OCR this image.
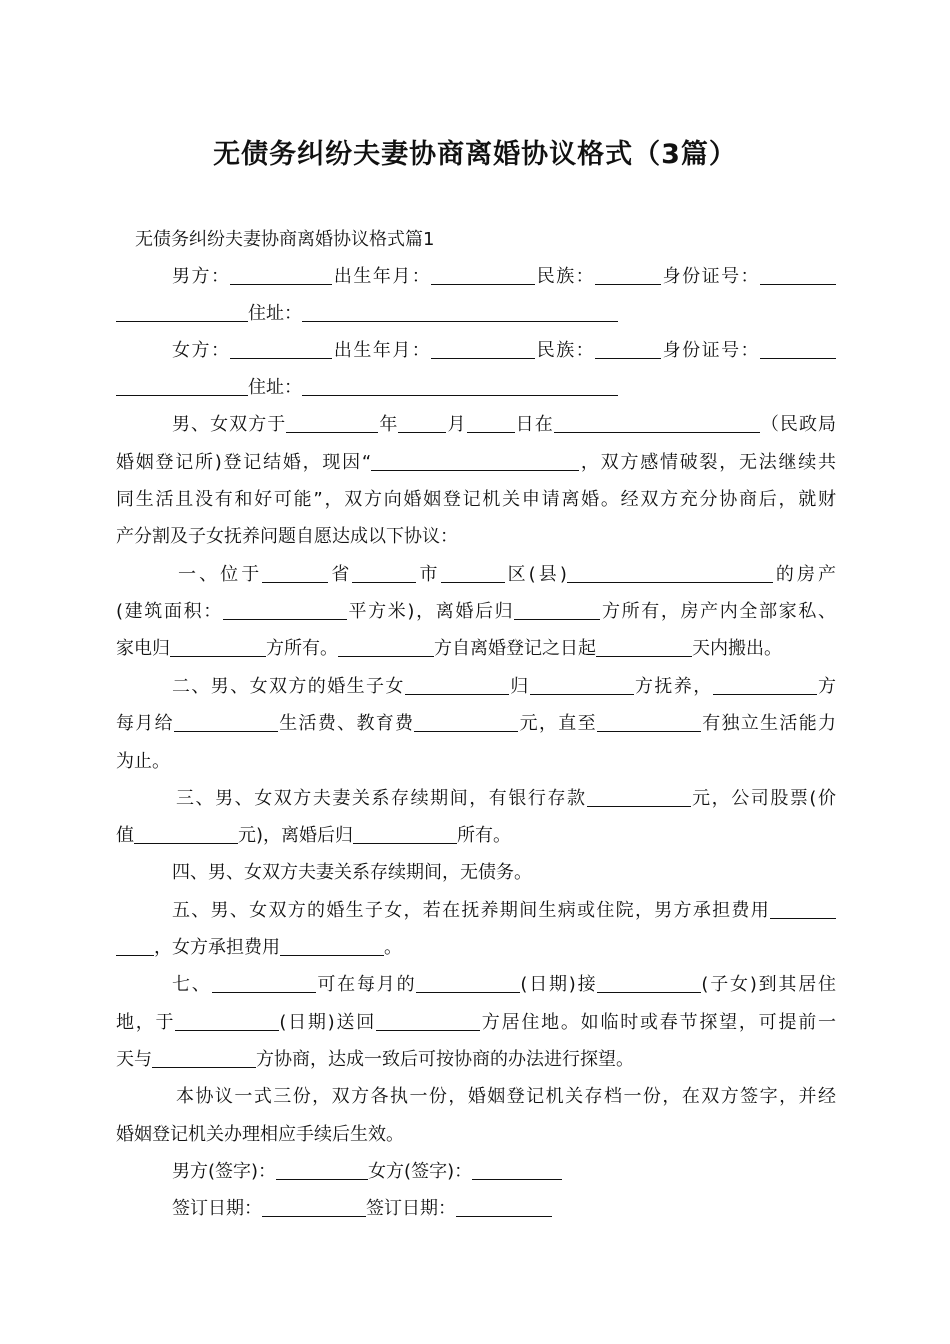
无债务纠纷夫妻协商离婚协议格式（3篇）
无债务纠纷夫妻协商离婚协议格式篇1
男方：	出生年月：	民族：	身份证号：
住址：
女方：	出生年月：	民族：	身份证号：
住址：
男、女双方于	年	月	日在	（民政局
婚姻登记所)登记结婚，现因“	，双方感情破裂，无法继续共
同生活且没有和好可能”，双方向婚姻登记机关申请离婚。经双方充分协商后，就财
产分割及子女抚养问题自愿达成以下协议：
一、位于	省	市	区(县)	的房产
(建筑面积：	平方米)，离婚后归	方所有，房产内全部家私、
家电归	方所有。	方自离婚登记之日起	天内搬出。
二、男、女双方的婚生子女	归	方抚养，	方
每月给	生活费、教育费	元，直至	有独立生活能力
为止。
三、男、女双方夫妻关系存续期间，有银行存款	元，公司股票(价
值	元)，离婚后归	所有。
四、男、女双方夫妻关系存续期间，无债务。
五、男、女双方的婚生子女，若在抚养期间生病或住院，男方承担费用
，女方承担费用	。
七、	可在每月的	(日期)接	(子女)到其居住
地，于	(日期)送回	方居住地。如临时或春节探望，可提前一
天与	方协商，达成一致后可按协商的办法进行探望。
本协议一式三份，双方各执一份，婚姻登记机关存档一份，在双方签字，并经
婚姻登记机关办理相应手续后生效。
男方(签字)：	女方(签字)：
签订日期：	签订日期：
